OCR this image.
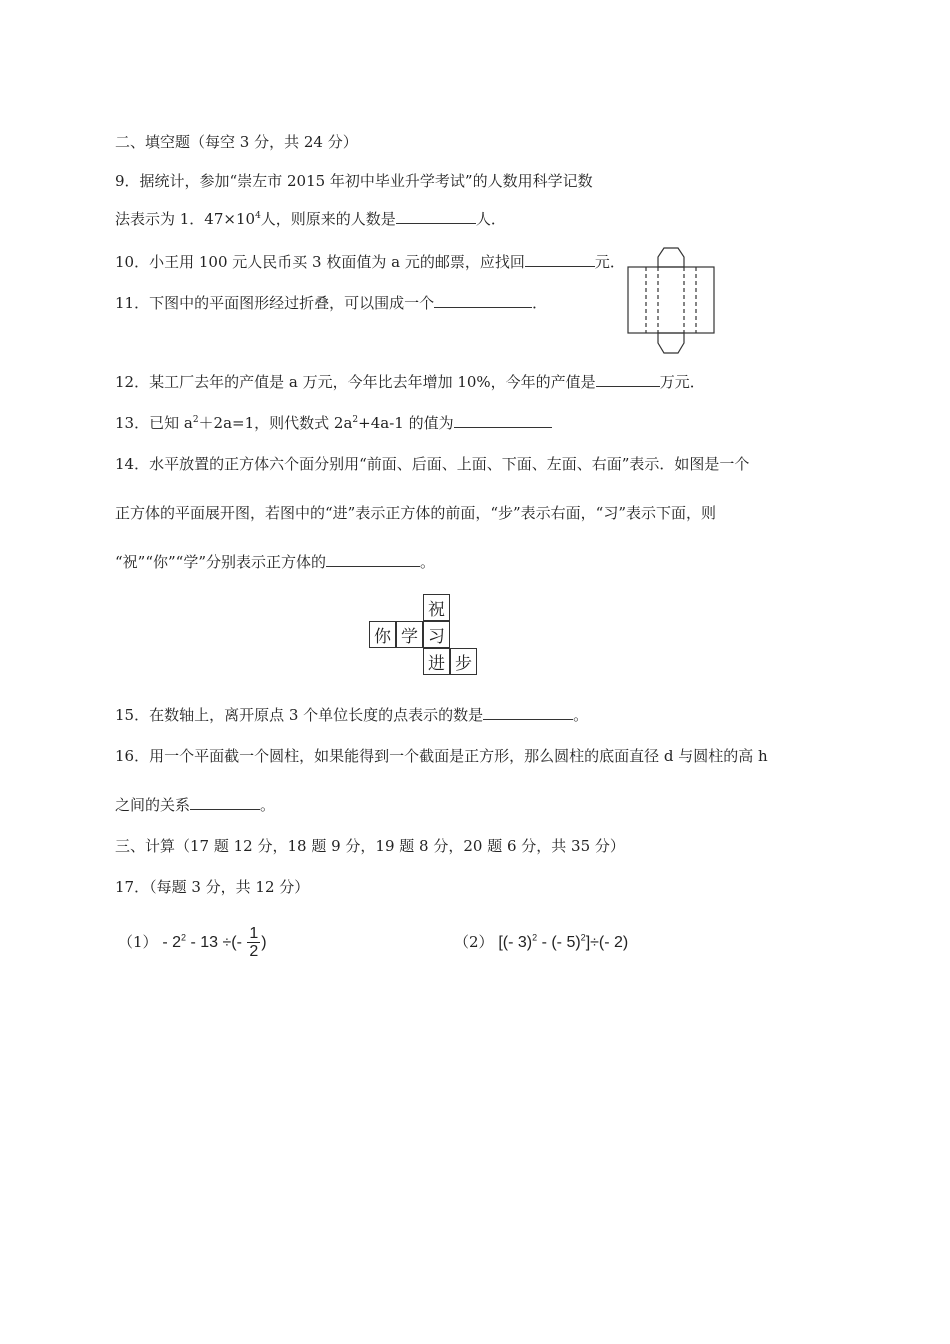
二、填空题（每空 3 分，共 24 分）
9．据统计，参加“崇左市 2015 年初中毕业升学考试”的人数用科学记数
法表示为 1．$47\times 10^4$人，则原来的人数是	人．
10．小王用 100 元人民币买 3 枚面值为 a 元的邮票，应找回	元．
11．下图中的平面图形经过折叠，可以围成一个	．
12．某工厂去年的产值是 a 万元，今年比去年增加 10%，今年的产值是	万元．
13．已知 $a^2+2a=1$，则代数式 $2a^2+4a-1$ 的值为
14．水平放置的正方体六个面分别用“前面、后面、上面、下面、左面、右面”表示．如图是一个
正方体的平面展开图，若图中的“进”表示正方体的前面，“步”表示右面，“习”表示下面，则
“祝”“你”“学”分别表示正方体的	。
祝
你 学 习
进 步
15．在数轴上，离开原点 3 个单位长度的点表示的数是	。
16．用一个平面截一个圆柱，如果能得到一个截面是正方形，那么圆柱的底面直径 d 与圆柱的高 h
之间的关系	。
三、计算（17 题 12 分，18 题 9 分，19 题 8 分，20 题 6 分，共 35 分）
17．（每题 3 分，共 12 分）
$(1) - 2^2 - 13$ ÷(- $\frac{1}{2}$ )	（2） [(- 3)$^2$ - (- 5)$^2$]÷(- 2)
